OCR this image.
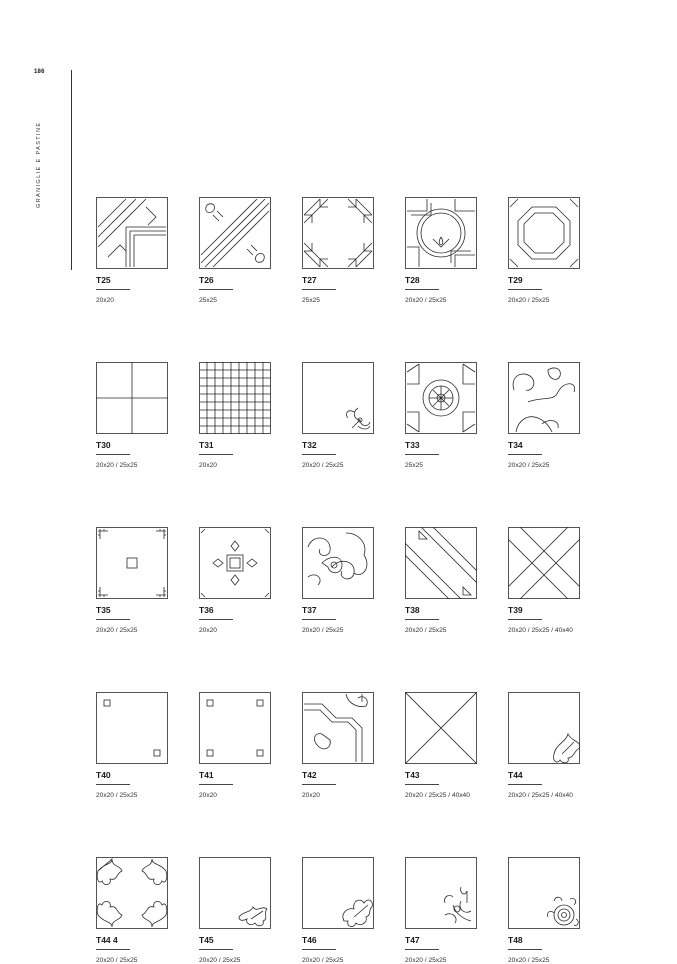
186
GRANIGLIE E PASTINE
T25
20x20
T26
25x25
T27
25x25
T28
20x20 / 25x25
T29
20x20 / 25x25
T30
20x20 / 25x25
T31
20x20
T32
20x20 / 25x25
T33
25x25
T34
20x20 / 25x25
T35
20x20 / 25x25
T36
20x20
T37
20x20 / 25x25
T38
20x20 / 25x25
T39
20x20 / 25x25 / 40x40
T40
20x20 / 25x25
T41
20x20
T42
20x20
T43
20x20 / 25x25 / 40x40
T44
20x20 / 25x25 / 40x40
T44 4
20x20 / 25x25
T45
20x20 / 25x25
T46
20x20 / 25x25
T47
20x20 / 25x25
T48
20x20 / 25x25
